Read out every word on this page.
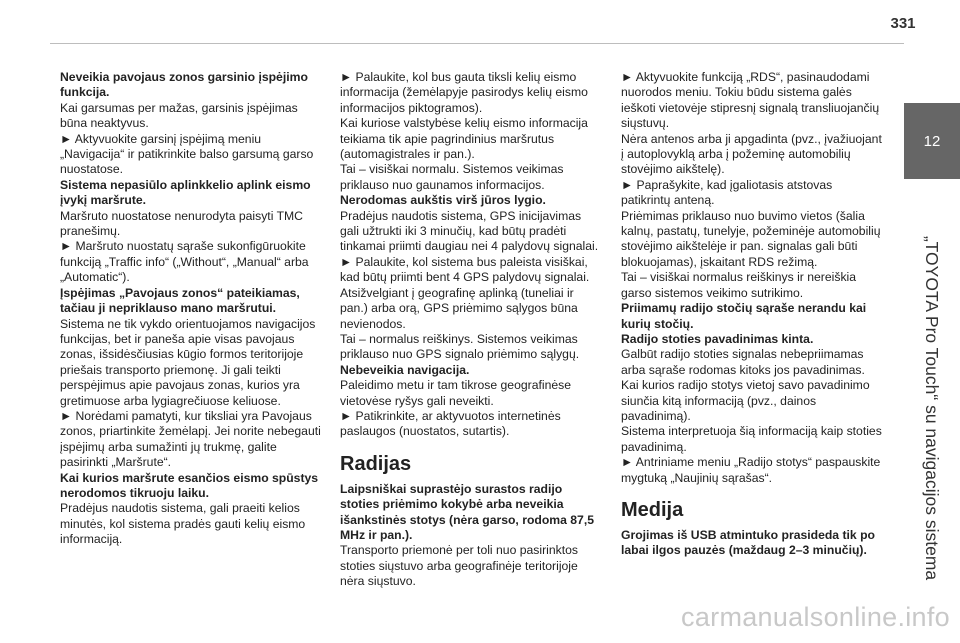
331
12
„TOYOTA Pro Touch“ su navigacijos sistema

Neveikia pavojaus zonos garsinio įspėjimo funkcija.

Kai garsumas per mažas, garsinis įspėjimas būna neaktyvus.

► Aktyvuokite garsinį įspėjimą meniu „Navigacija“ ir patikrinkite balso garsumą garso nuostatose.

Sistema nepasiūlo aplinkkelio aplink eismo įvykį maršrute.

Maršruto nuostatose nenurodyta paisyti TMC pranešimų.

► Maršruto nuostatų sąraše sukonfigūruokite funkciją „Traffic info“ („Without“, „Manual“ arba „Automatic“).

Įspėjimas „Pavojaus zonos“ pateikiamas, tačiau ji nepriklauso mano maršrutui.

Sistema ne tik vykdo orientuojamos navigacijos funkcijas, bet ir paneša apie visas pavojaus zonas, išsidėsčiusias kūgio formos teritorijoje priešais transporto priemonę. Ji gali teikti perspėjimus apie pavojaus zonas, kurios yra gretimuose arba lygiagrečiuose keliuose.

► Norėdami pamatyti, kur tiksliai yra Pavojaus zonos, priartinkite žemėlapį. Jei norite nebegauti įspėjimų arba sumažinti jų trukmę, galite pasirinkti „Maršrute“.

Kai kurios maršrute esančios eismo spūstys nerodomos tikruoju laiku.

Pradėjus naudotis sistema, gali praeiti kelios minutės, kol sistema pradės gauti kelių eismo informaciją.

► Palaukite, kol bus gauta tiksli kelių eismo informacija (žemėlapyje pasirodys kelių eismo informacijos piktogramos).

Kai kuriose valstybėse kelių eismo informacija teikiama tik apie pagrindinius maršrutus (automagistrales ir pan.).

Tai – visiškai normalu. Sistemos veikimas priklauso nuo gaunamos informacijos.

Nerodomas aukštis virš jūros lygio.

Pradėjus naudotis sistema, GPS inicijavimas gali užtrukti iki 3 minučių, kad būtų pradėti tinkamai priimti daugiau nei 4 palydovų signalai.

► Palaukite, kol sistema bus paleista visiškai, kad būtų priimti bent 4 GPS palydovų signalai.

Atsižvelgiant į geografinę aplinką (tuneliai ir pan.) arba orą, GPS priėmimo sąlygos būna nevienodos.

Tai – normalus reiškinys. Sistemos veikimas priklauso nuo GPS signalo priėmimo sąlygų.

Nebeveikia navigacija.

Paleidimo metu ir tam tikrose geografinėse vietovėse ryšys gali neveikti.

► Patikrinkite, ar aktyvuotos internetinės paslaugos (nuostatos, sutartis).

Radijas

Laipsniškai suprastėjo surastos radijo stoties priėmimo kokybė arba neveikia išankstinės stotys (nėra garso, rodoma 87,5 MHz ir pan.).

Transporto priemonė per toli nuo pasirinktos stoties siųstuvo arba geografinėje teritorijoje nėra siųstuvo.

► Aktyvuokite funkciją „RDS“, pasinaudodami nuorodos meniu. Tokiu būdu sistema galės ieškoti vietovėje stipresnį signalą transliuojančių siųstuvų.

Nėra antenos arba ji apgadinta (pvz., įvažiuojant į autoplovyklą arba į požeminę automobilių stovėjimo aikštelę).

► Paprašykite, kad įgaliotasis atstovas patikrintų anteną.

Priėmimas priklauso nuo buvimo vietos (šalia kalnų, pastatų, tunelyje, požeminėje automobilių stovėjimo aikštelėje ir pan. signalas gali būti blokuojamas), įskaitant RDS režimą.

Tai – visiškai normalus reiškinys ir nereiškia garso sistemos veikimo sutrikimo.

Priimamų radijo stočių sąraše nerandu kai kurių stočių.

Radijo stoties pavadinimas kinta.

Galbūt radijo stoties signalas nebepriimamas arba sąraše rodomas kitoks jos pavadinimas.

Kai kurios radijo stotys vietoj savo pavadinimo siunčia kitą informaciją (pvz., dainos pavadinimą).

Sistema interpretuoja šią informaciją kaip stoties pavadinimą.

► Antriniame meniu „Radijo stotys“ paspauskite mygtuką „Naujinių sąrašas“.

Medija

Grojimas iš USB atmintuko prasideda tik po labai ilgos pauzės (maždaug 2–3 minučių).

carmanualsonline.info
